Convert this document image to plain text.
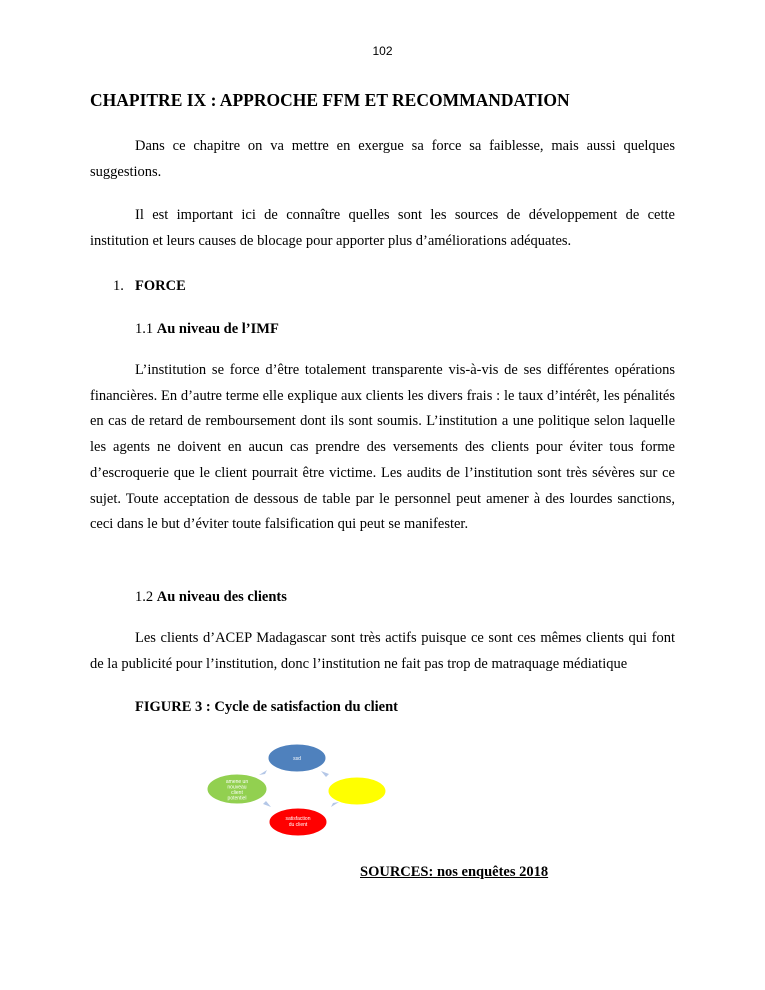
102
CHAPITRE IX : APPROCHE FFM ET RECOMMANDATION

Dans ce chapitre on va mettre en exergue sa force sa faiblesse, mais aussi quelques suggestions.

Il est important ici de connaître quelles sont les sources de développement de cette institution et leurs causes de blocage pour apporter plus d’améliorations adéquates.

1. FORCE
1.1 Au niveau de l’IMF

L’institution se force d’être totalement transparente vis-à-vis de ses différentes opérations financières. En d’autre terme elle explique aux clients les divers frais : le taux d’intérêt, les pénalités en cas de retard de remboursement dont ils sont soumis. L’institution a une politique selon laquelle les agents ne doivent en aucun cas prendre des versements des clients pour éviter tous forme d’escroquerie que le client pourrait être victime. Les audits de l’institution sont très sévères sur ce sujet. Toute acceptation de dessous de table par le personnel peut amener à des lourdes sanctions, ceci dans le but d’éviter toute falsification qui peut se manifester.

1.2 Au niveau des clients

Les clients d’ACEP Madagascar sont très actifs puisque ce sont ces mêmes clients qui font de la publicité pour l’institution, donc l’institution ne fait pas trop de matraquage médiatique

FIGURE 3 : Cycle de satisfaction du client
ssd
satisfaction du client
amene un nouveau client potentiel
SOURCES: nos enquêtes 2018
